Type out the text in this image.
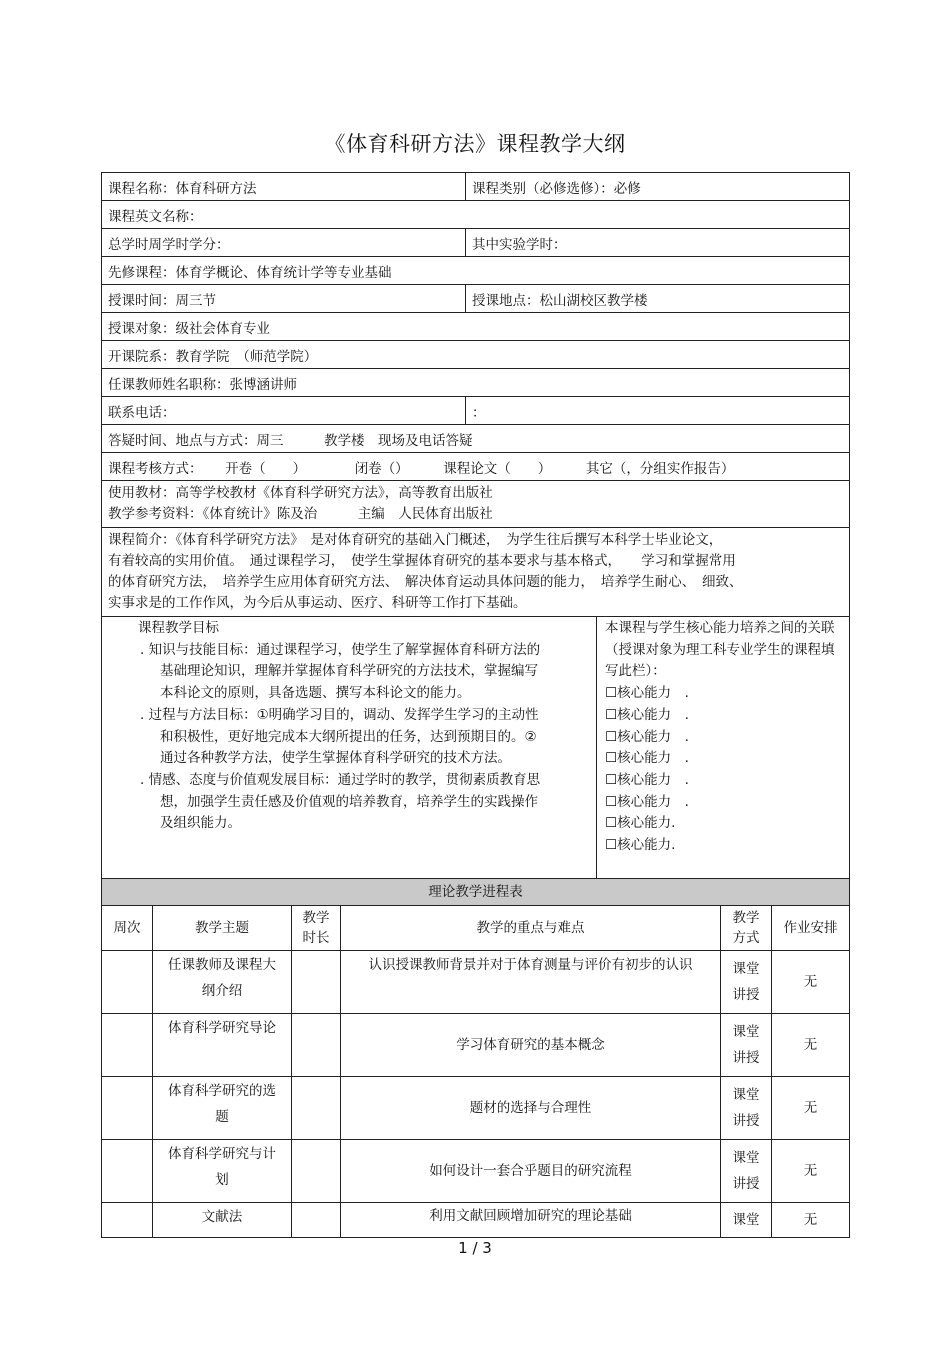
《体育科研方法》课程教学大纲
课程名称：体育科研方法	课程类别（必修选修）：必修
课程英文名称：	
总学时周学时学分：	其中实验学时：
先修课程：体育学概论、体育统计学等专业基础	
授课时间：周三节	授课地点：松山湖校区教学楼
授课对象：级社会体育专业	
开课院系：教育学院　（师范学院）	
任课教师姓名职称：张博涵讲师	
联系电话：	：
答疑时间、地点与方式：周三　　　教学楼　现场及电话答疑	
课程考核方式： 开卷（　　） 闭卷（） 课程论文（　　） 其它（，分组实作报告）	

使用教材：高等学校教材《体育科学研究方法》，高等教育出版社
教学参考资料：《体育统计》陈及治　　　主编　人民体育出版社	

课程简介：《体育科学研究方法》　是对体育研究的基础入门概述，　为学生往后撰写本科学士毕业论文，
有着较高的实用价值。　通过课程学习，　使学生掌握体育研究的基本要求与基本格式，　　学习和掌握常用
的体育研究方法，　培养学生应用体育研究方法、　解决体育运动具体问题的能力，　培养学生耐心、　细致、
实事求是的工作作风，为今后从事运动、医疗、科研等工作打下基础。	
课程教学目标
. 知识与技能目标：通过课程学习，使学生了解掌握体育科研方法的基础理论知识，理解并掌握体育科学研究的方法技术，掌握编写本科论文的原则，具备选题、撰写本科论文的能力。
. 过程与方法目标：①明确学习目的，调动、发挥学生学习的主动性和积极性，更好地完成本大纲所提出的任务，达到预期目的。②通过各种教学方法，使学生掌握体育科学研究的技术方法。
. 情感、态度与价值观发展目标：通过学时的教学，贯彻素质教育思想，加强学生责任感及价值观的培养教育，培养学生的实践操作及组织能力。

本课程与学生核心能力培养之间的关联（授课对象为理工科专业学生的课程填写此栏）：
☐核心能力　.
☐核心能力　.
☐核心能力　.
☐核心能力　.
☐核心能力　.
☐核心能力　.
☐核心能力.
☐核心能力.
理论教学进程表					
周次	教学主题	教学时长	教学的重点与难点	教学方式	作业安排
	任课教师及课程大纲介绍		认识授课教师背景并对于体育测量与评价有初步的认识	课堂讲授	无
	体育科学研究导论		学习体育研究的基本概念	课堂讲授	无
	体育科学研究的选题		题材的选择与合理性	课堂讲授	无
	体育科学研究与计划		如何设计一套合乎题目的研究流程	课堂讲授	无
	文献法		利用文献回顾增加研究的理论基础	课堂	无
1 / 3
